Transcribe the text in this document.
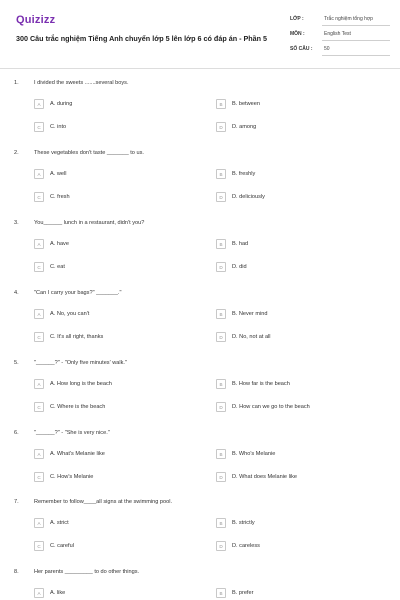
Quizizz
300 Câu trắc nghiệm Tiếng Anh chuyển lớp 5 lên lớp 6 có đáp án - Phần 5
LỚP :	Trắc nghiệm tổng hợp
MÔN :	English Test
SỐ CÂU : 50
1.	I divided the sweets .......several boys.
A	A. during	B	B. between
C	C. into	D	D. among
2.	These vegetables don't taste _______ to us.
A	A. well	B	B. freshly
C	C. fresh	D	D. deliciously
3.	You______ lunch in a restaurant, didn't you?
A	A. have	B	B. had
C	C. eat	D	D. did
4.	"Can I carry your bags?" _______."
A	A. No, you can't	B	B. Never mind
C	C. It's all right, thanks	D	D. No, not at all
5.	"______?" - "Only five minutes' walk."
A	A. How long is the beach	B	B. How far is the beach
C	C. Where is the beach	D	D. How can we go to the beach
6.	"______?" - "She is very nice."
A	A. What's Melanie like	B	B. Who's Melanie
C	C. How's Melanie	D	D. What does Melanie like
7.	Remember to follow____all signs at the swimming pool.
A	A. strict	B	B. strictly
C	C. careful	D	D. careless
8.	Her parents _________ to do other things.
A	A. like	B	B. prefer
